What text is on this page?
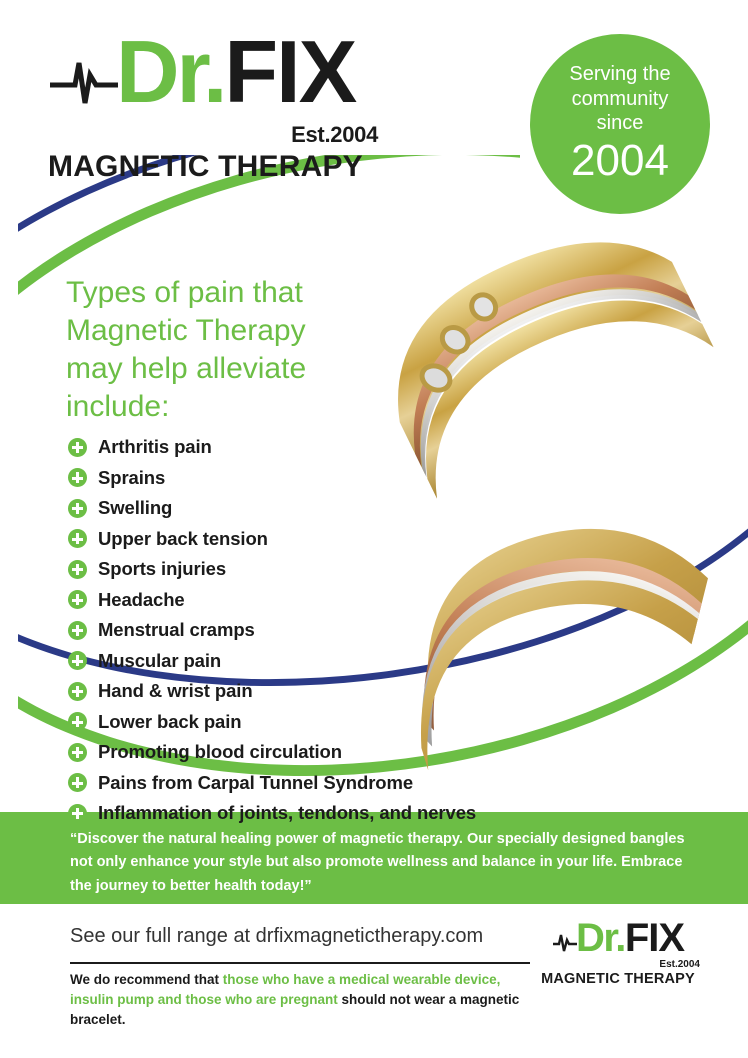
Dr. FIX
Est.2004
MAGNETIC THERAPY
Serving the
community
since
2004
Types of pain that Magnetic Therapy may help alleviate include:
Arthritis pain
Sprains
Swelling
Upper back tension
Sports injuries
Headache
Menstrual cramps
Muscular pain
Hand & wrist pain
Lower back pain
Promoting blood circulation
Pains from Carpal Tunnel Syndrome
Inflammation of joints, tendons, and nerves
“Discover the natural healing power of magnetic therapy. Our specially designed bangles not only enhance your style but also promote wellness and balance in your life. Embrace the journey to better health today!”
See our full range at drfixmagnetictherapy.com
We do recommend that those who have a medical wearable device, insulin pump and those who are pregnant should not wear a magnetic bracelet.
Dr. FIX
Est.2004
MAGNETIC THERAPY
